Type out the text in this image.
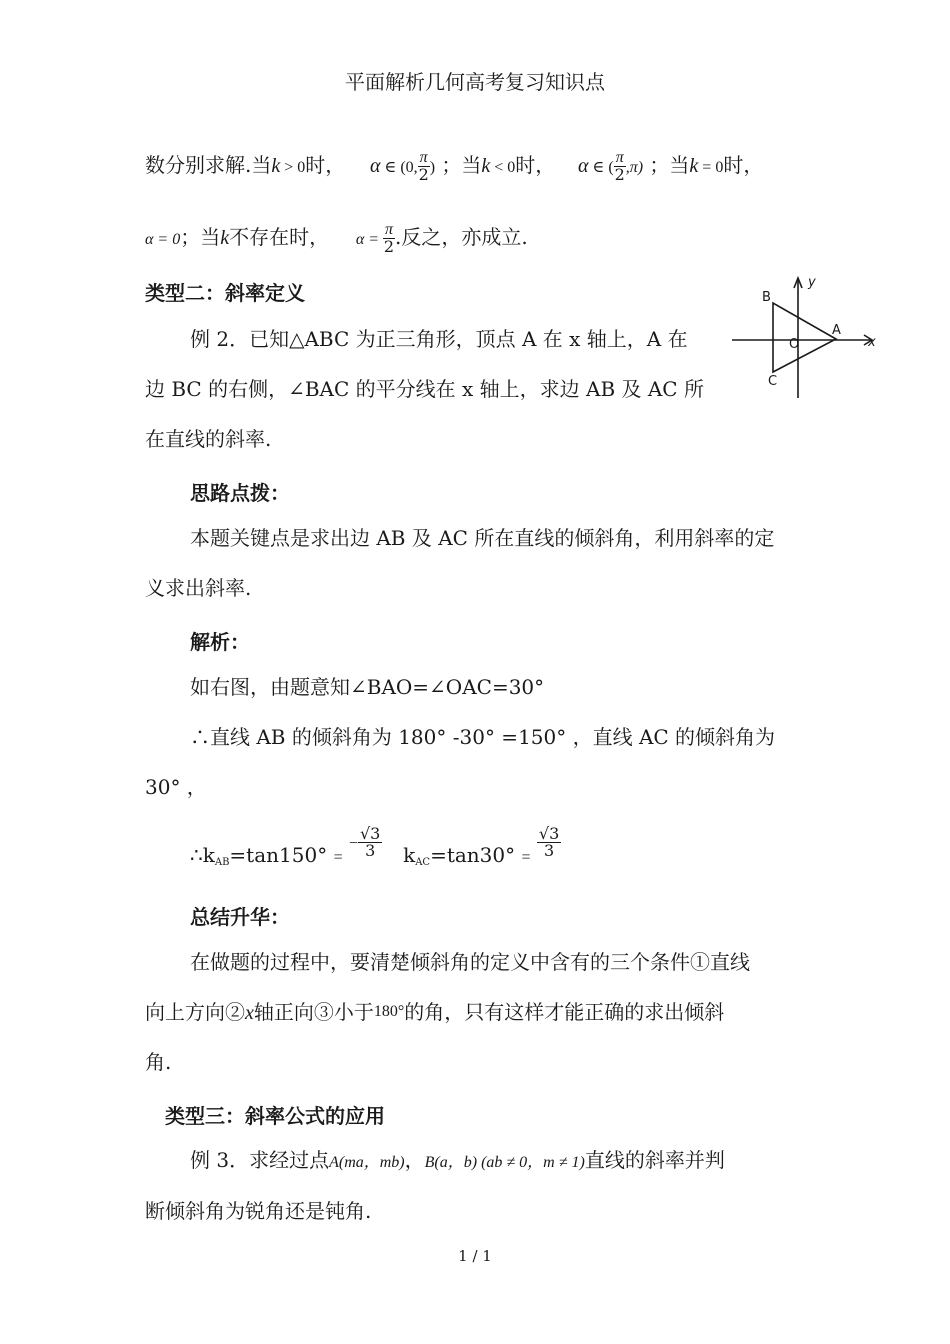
平面解析几何高考复习知识点
数分别求解.当k > 0时， α ∈ (0, $\frac{\pi}{2}$ ) ；当k < 0时， α ∈ ( $\frac{\pi}{2} ,\pi$) ；当k = 0时，
α = 0；当k不存在时， $\alpha = \frac{\pi}{2}$ .反之，亦成立.
类型二：斜率定义
例 2．已知△ABC 为正三角形，顶点 A 在 x 轴上，A 在
边 BC 的右侧，∠BAC 的平分线在 x 轴上，求边 AB 及 AC 所
在直线的斜率.
B
C
A
O
y
x
思路点拨：
本题关键点是求出边 AB 及 AC 所在直线的倾斜角，利用斜率的定
义求出斜率.
解析：
如右图，由题意知∠BAO=∠OAC=30°
∴直线 AB 的倾斜角为 180° -30° =150° ，直线 AC 的倾斜角为
30° ，
$\therefore k_{AB}=\tan 150^\circ = ^- \frac{√3}{3} k_{AC}=\tan 30^\circ = \frac{√3}{3}$
总结升华：
在做题的过程中，要清楚倾斜角的定义中含有的三个条件①直线
向上方向②x轴正向③小于180°的角，只有这样才能正确的求出倾斜
角.
类型三：斜率公式的应用
例 3．求经过点A(ma，mb)，B(a，b) (ab ≠ 0，m ≠ 1)直线的斜率并判
断倾斜角为锐角还是钝角.
1 / 1
